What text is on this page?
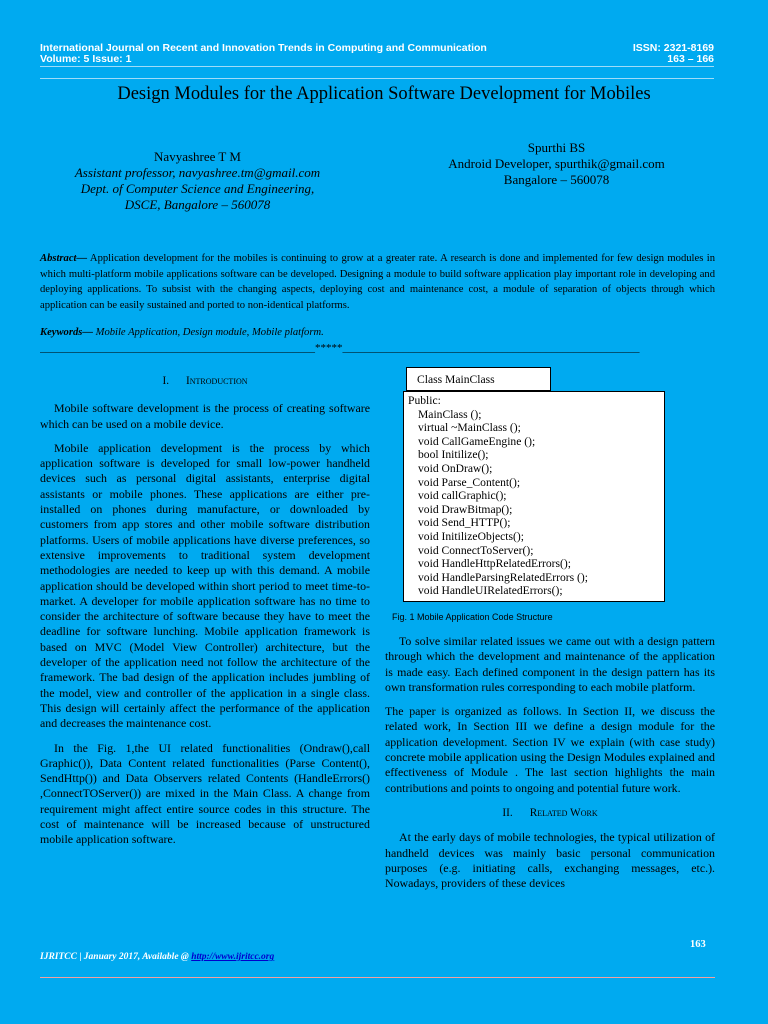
International Journal on Recent and Innovation Trends in Computing and Communication
Volume: 5 Issue: 1
ISSN: 2321-8169
163 – 166
Design Modules for the Application Software Development for Mobiles
Navyashree T M
Assistant professor, navyashree.tm@gmail.com
Dept. of Computer Science and Engineering,
DSCE, Bangalore – 560078
Spurthi BS
Android Developer, spurthik@gmail.com
Bangalore – 560078
Abstract— Application development for the mobiles is continuing to grow at a greater rate. A research is done and implemented for few design modules in which multi-platform mobile applications software can be developed. Designing a module to build software application play important role in developing and deploying applications. To subsist with the changing aspects, deploying cost and maintenance cost, a module of separation of objects through which application can be easily sustained and ported to non-identical platforms.
Keywords— Mobile Application, Design module, Mobile platform.
__________________________________________________*****______________________________________________________
I. Introduction

Mobile software development is the process of creating software which can be used on a mobile device.

Mobile application development is the process by which application software is developed for small low-power handheld devices such as personal digital assistants, enterprise digital assistants or mobile phones. These applications are either pre-installed on phones during manufacture, or downloaded by customers from app stores and other mobile software distribution platforms. Users of mobile applications have diverse preferences, so extensive improvements to traditional system development methodologies are needed to keep up with this demand. A mobile application should be developed within short period to meet time-to-market. A developer for mobile application software has no time to consider the architecture of software because they have to meet the deadline for software lunching. Mobile application framework is based on MVC (Model View Controller) architecture, but the developer of the application need not follow the architecture of the framework. The bad design of the application includes jumbling of the model, view and controller of the application in a single class. This design will certainly affect the performance of the application and decreases the maintenance cost.

In the Fig. 1,the UI related functionalities (Ondraw(),call Graphic()), Data Content related functionalities (Parse Content(), SendHttp()) and Data Observers related Contents (HandleErrors() ,ConnectTOServer()) are mixed in the Main Class. A change from requirement might affect entire source codes in this structure. The cost of maintenance will be increased because of unstructured mobile application software.

Class MainClass
Public:
MainClass ();
virtual ~MainClass ();
void CallGameEngine ();
bool Initilize();
void OnDraw();
void Parse_Content();
void callGraphic();
void DrawBitmap();
void Send_HTTP();
void InitilizeObjects();
void ConnectToServer();
void HandleHttpRelatedErrors();
void HandleParsingRelatedErrors ();
void HandleUIRelatedErrors();
Fig. 1 Mobile Application Code Structure

To solve similar related issues we came out with a design pattern through which the development and maintenance of the application is made easy. Each defined component in the design pattern has its own transformation rules corresponding to each mobile platform.

The paper is organized as follows. In Section II, we discuss the related work, In Section III we define a design module for the application development. Section IV we explain (with case study) concrete mobile application using the Design Modules explained and effectiveness of Module . The last section highlights the main contributions and points to ongoing and potential future work.

II. Related Work

At the early days of mobile technologies, the typical utilization of handheld devices was mainly basic personal communication purposes (e.g. initiating calls, exchanging messages, etc.). Nowadays, providers of these devices

163
IJRITCC | January 2017, Available @ http://www.ijritcc.org
